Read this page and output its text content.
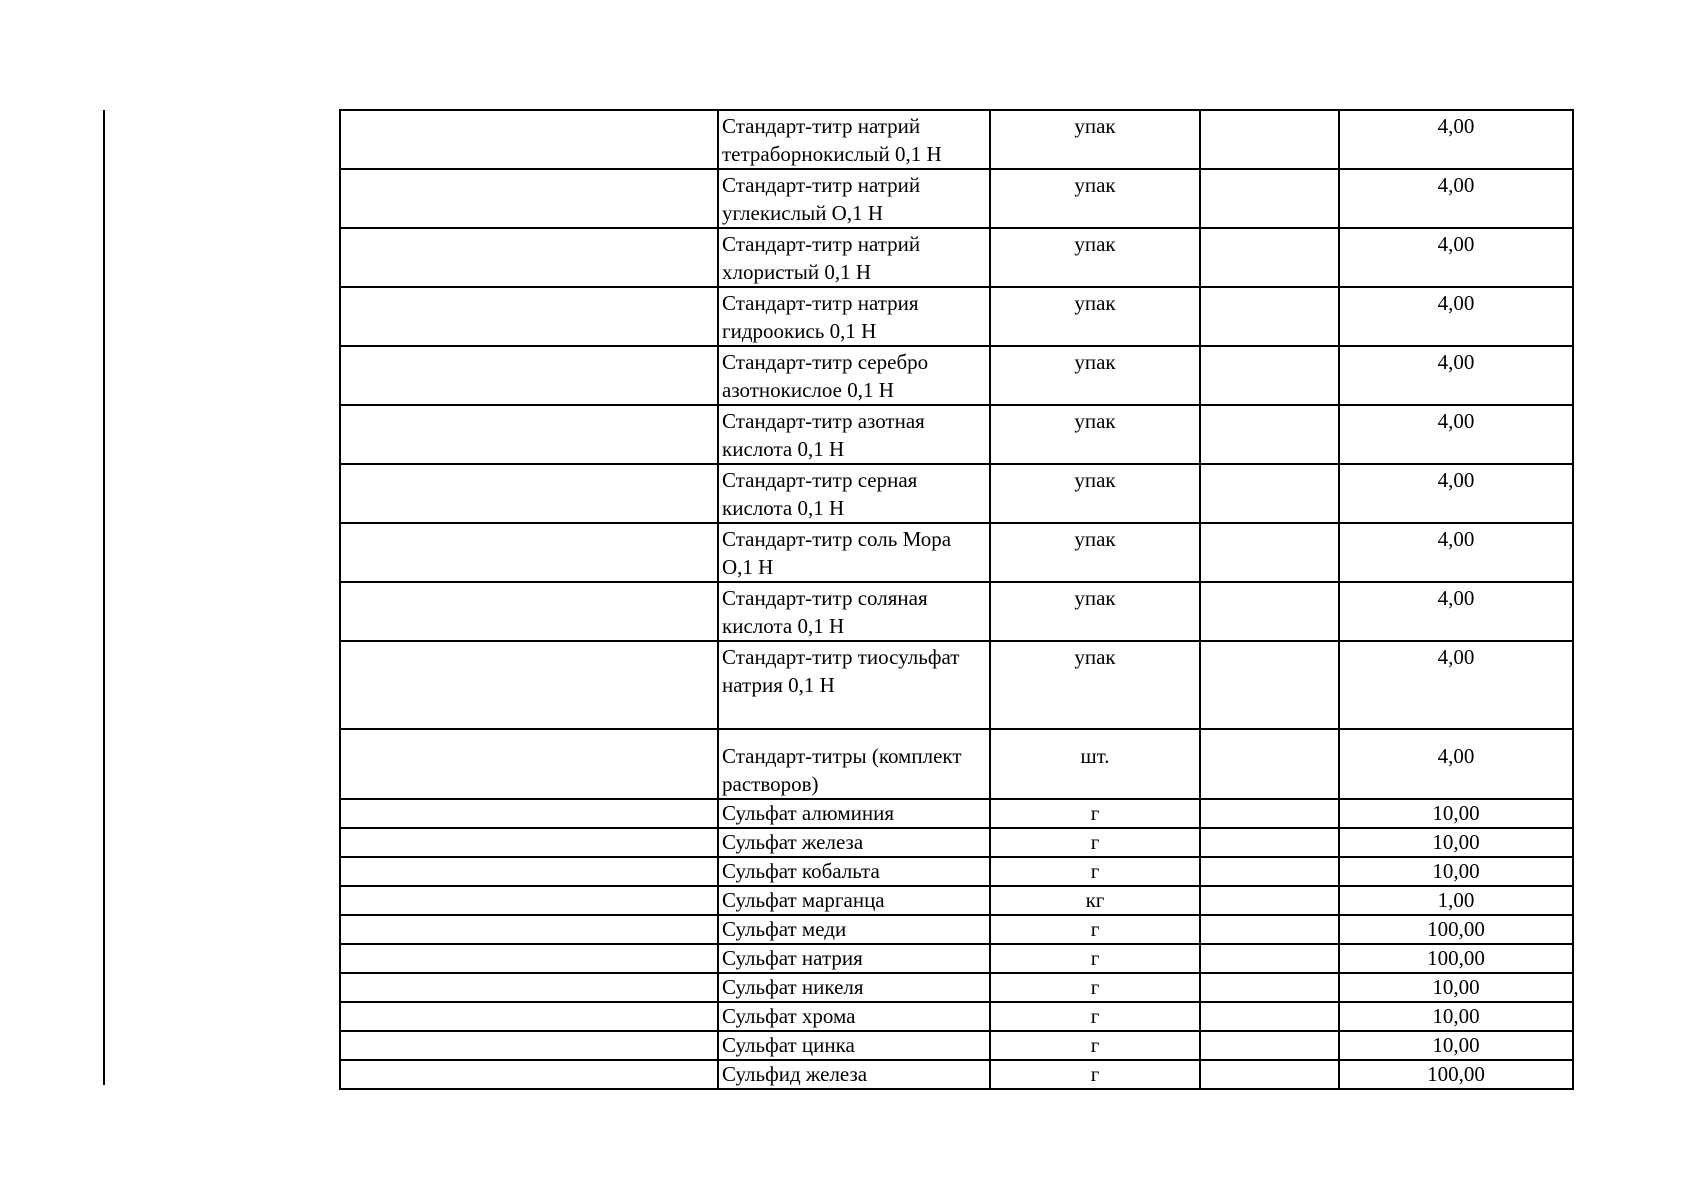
	Стандарт-титр натрий тетраборнокислый 0,1 Н	упак		4,00
	Стандарт-титр натрий углекислый О,1 Н	упак		4,00
	Стандарт-титр натрий хлористый 0,1 Н	упак		4,00
	Стандарт-титр натрия гидроокись 0,1 Н	упак		4,00
	Стандарт-титр серебро азотнокислое 0,1 Н	упак		4,00
	Стандарт-титр азотная кислота 0,1 Н	упак		4,00
	Стандарт-титр серная кислота 0,1 Н	упак		4,00
	Стандарт-титр соль Мора О,1 Н	упак		4,00
	Стандарт-титр соляная кислота 0,1 Н	упак		4,00
	Стандарт-титр тиосульфат натрия 0,1 Н	упак		4,00
	Стандарт-титры (комплект растворов)	шт.		4,00
	Сульфат алюминия	г		10,00
	Сульфат железа	г		10,00
	Сульфат кобальта	г		10,00
	Сульфат марганца	кг		1,00
	Сульфат меди	г		100,00
	Сульфат натрия	г		100,00
	Сульфат никеля	г		10,00
	Сульфат хрома	г		10,00
	Сульфат цинка	г		10,00
	Сульфид железа	г		100,00
